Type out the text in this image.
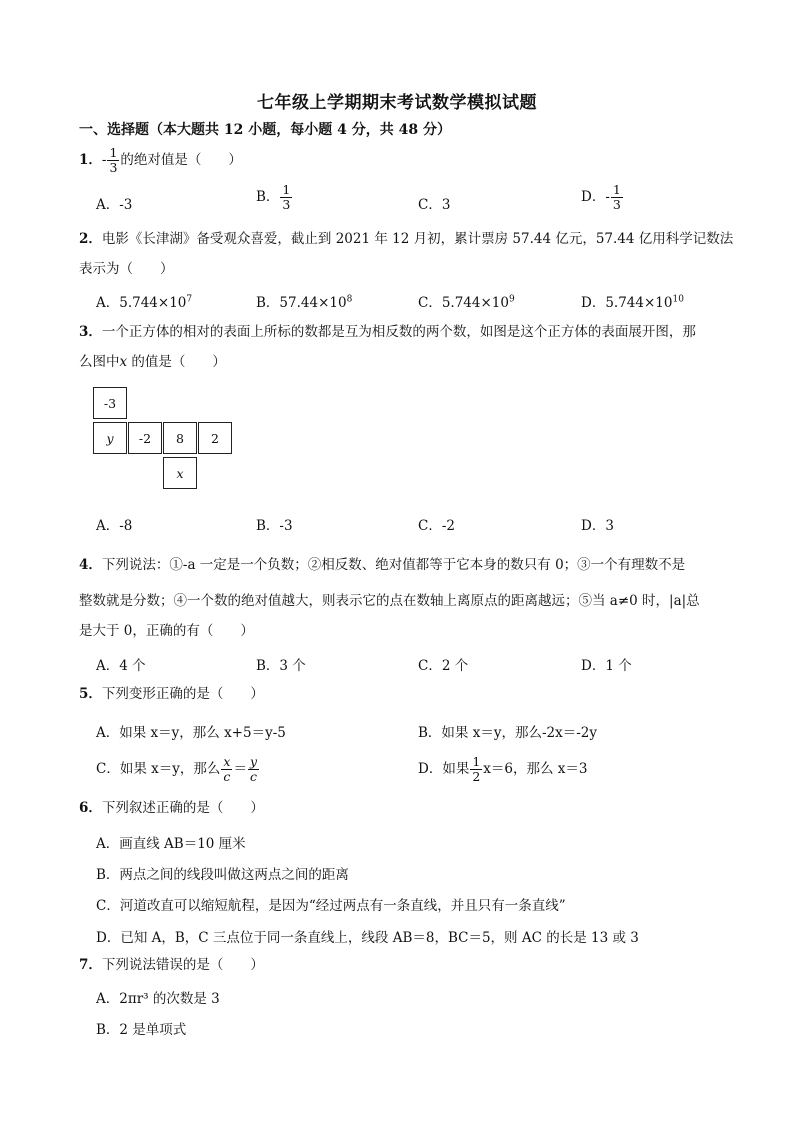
七年级上学期期末考试数学模拟试题
一、选择题（本大题共 12 小题，每小题 4 分，共 48 分）
1．- $\frac{1}{3}$ 的绝对值是（　　）
A．-3	B． $\frac{1}{3}$	C．3	D．- $\frac{1}{3}$
2．电影《长津湖》备受观众喜爱，截止到 2021 年 12 月初，累计票房 57.44 亿元，57.44 亿用科学记数法
表示为（　　）
A．$5.744\times 10^7$	B．$57.44\times 10^8$	C．$5.744\times 10^9$	D．$5.744\times 10^{10}$
3．一个正方体的相对的表面上所标的数都是互为相反数的两个数，如图是这个正方体的表面展开图，那
么图中x 的值是（　　）
-3
y	-2	8	2
x
A．-8	B．-3	C．-2	D．3
4．下列说法：①-a 一定是一个负数；②相反数、绝对值都等于它本身的数只有 0；③一个有理数不是
整数就是分数；④一个数的绝对值越大，则表示它的点在数轴上离原点的距离越远；⑤当 a≠0 时，|a|总
是大于 0，正确的有（　　）
A．4 个	B．3 个	C．2 个	D．1 个
5．下列变形正确的是（　　）
A．如果 x＝y，那么 x+5＝y-5	B．如果 x＝y，那么-2x＝-2y
C．如果 x＝y，那么 $\frac{x}{c} = \frac{y}{c}$	D．如果 $\frac{1}{2} x=6$，那么 x＝3
6．下列叙述正确的是（　　）
A．画直线 AB＝10 厘米
B．两点之间的线段叫做这两点之间的距离
C．河道改直可以缩短航程，是因为“经过两点有一条直线，并且只有一条直线”
D．已知 A，B，C 三点位于同一条直线上，线段 AB＝8，BC＝5，则 AC 的长是 13 或 3
7．下列说法错误的是（　　）
A．2πr³ 的次数是 3
B．2 是单项式
